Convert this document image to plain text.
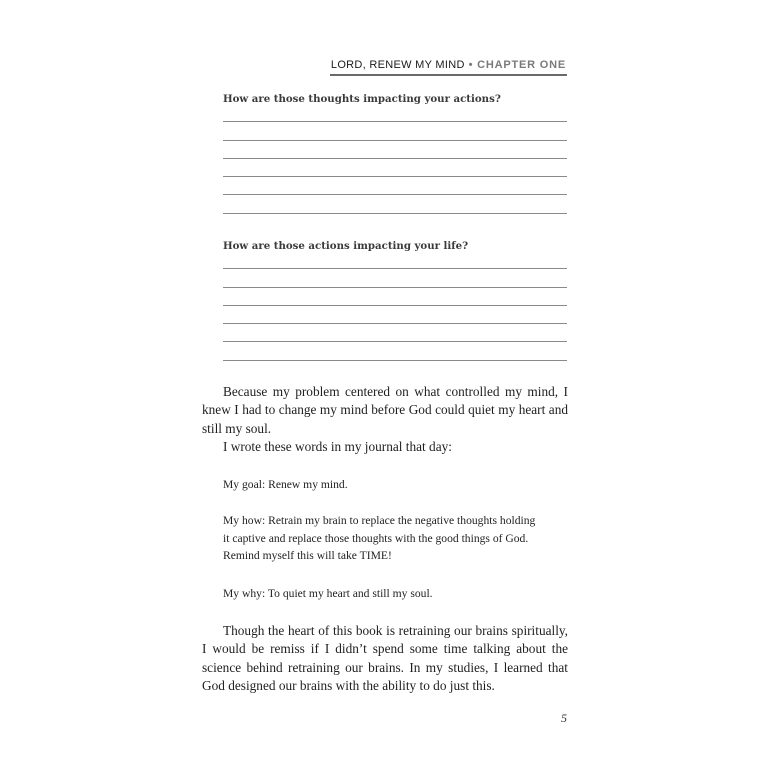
LORD, RENEW MY MIND • CHAPTER ONE
How are those thoughts impacting your actions?
How are those actions impacting your life?

Because my problem centered on what controlled my mind, I knew I had to change my mind before God could quiet my heart and still my soul.

I wrote these words in my journal that day:

My goal: Renew my mind.

My how: Retrain my brain to replace the negative thoughts holding

it captive and replace those thoughts with the good things of God.

Remind myself this will take TIME!

My why: To quiet my heart and still my soul.

Though the heart of this book is retraining our brains spiritually, I would be remiss if I didn’t spend some time talking about the science behind retraining our brains. In my studies, I learned that God designed our brains with the ability to do just this.

5
